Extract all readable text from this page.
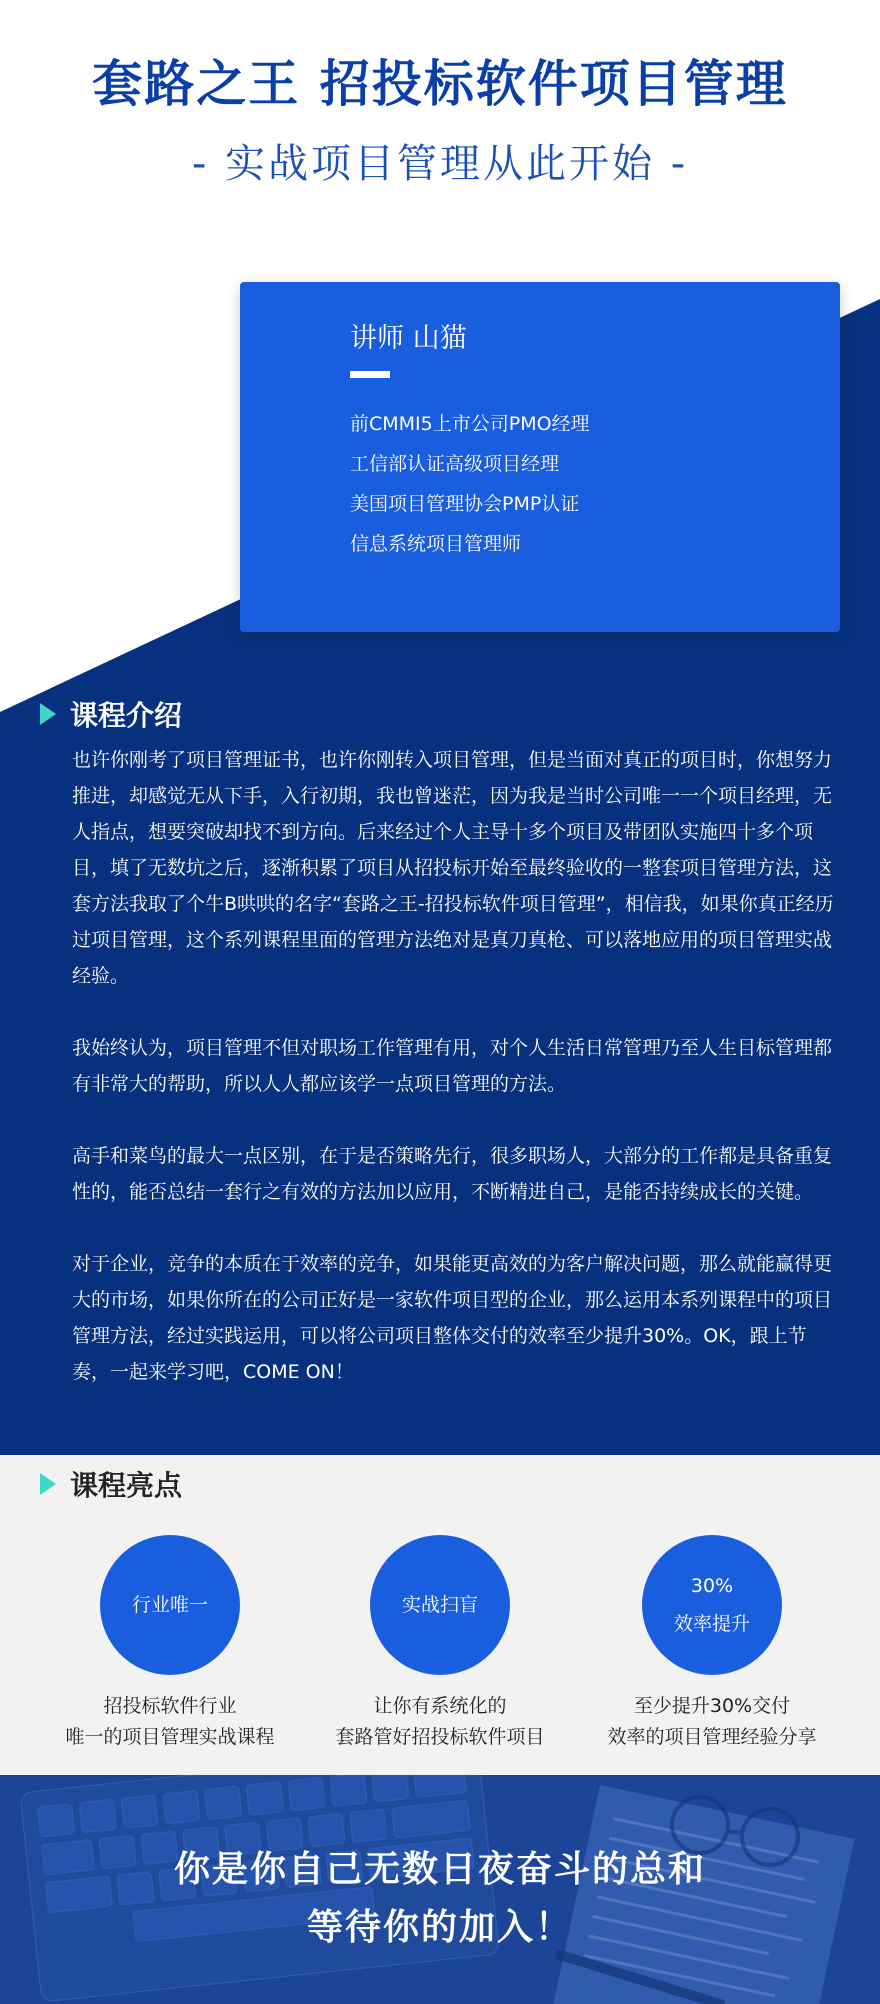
套路之王 招投标软件项目管理
- 实战项目管理从此开始 -
讲师 山猫
前CMMI5上市公司PMO经理
工信部认证高级项目经理
美国项目管理协会PMP认证
信息系统项目管理师
课程介绍

也许你刚考了项目管理证书，也许你刚转入项目管理，但是当面对真正的项目时，你想努力推进，却感觉无从下手，入行初期，我也曾迷茫，因为我是当时公司唯一一个项目经理，无人指点，想要突破却找不到方向。后来经过个人主导十多个项目及带团队实施四十多个项目，填了无数坑之后，逐渐积累了项目从招投标开始至最终验收的一整套项目管理方法，这套方法我取了个牛B哄哄的名字“套路之王-招投标软件项目管理”，相信我，如果你真正经历过项目管理，这个系列课程里面的管理方法绝对是真刀真枪、可以落地应用的项目管理实战经验。

我始终认为，项目管理不但对职场工作管理有用，对个人生活日常管理乃至人生目标管理都有非常大的帮助，所以人人都应该学一点项目管理的方法。

高手和菜鸟的最大一点区别，在于是否策略先行，很多职场人，大部分的工作都是具备重复性的，能否总结一套行之有效的方法加以应用，不断精进自己，是能否持续成长的关键。

对于企业，竞争的本质在于效率的竞争，如果能更高效的为客户解决问题，那么就能赢得更大的市场，如果你所在的公司正好是一家软件项目型的企业，那么运用本系列课程中的项目管理方法，经过实践运用，可以将公司项目整体交付的效率至少提升30%。OK，跟上节奏，一起来学习吧，COME ON！

课程亮点
行业唯一
招投标软件行业
唯一的项目管理实战课程
实战扫盲
让你有系统化的
套路管好招投标软件项目
30%
效率提升
至少提升30%交付
效率的项目管理经验分享
你是你自己无数日夜奋斗的总和
等待你的加入！
